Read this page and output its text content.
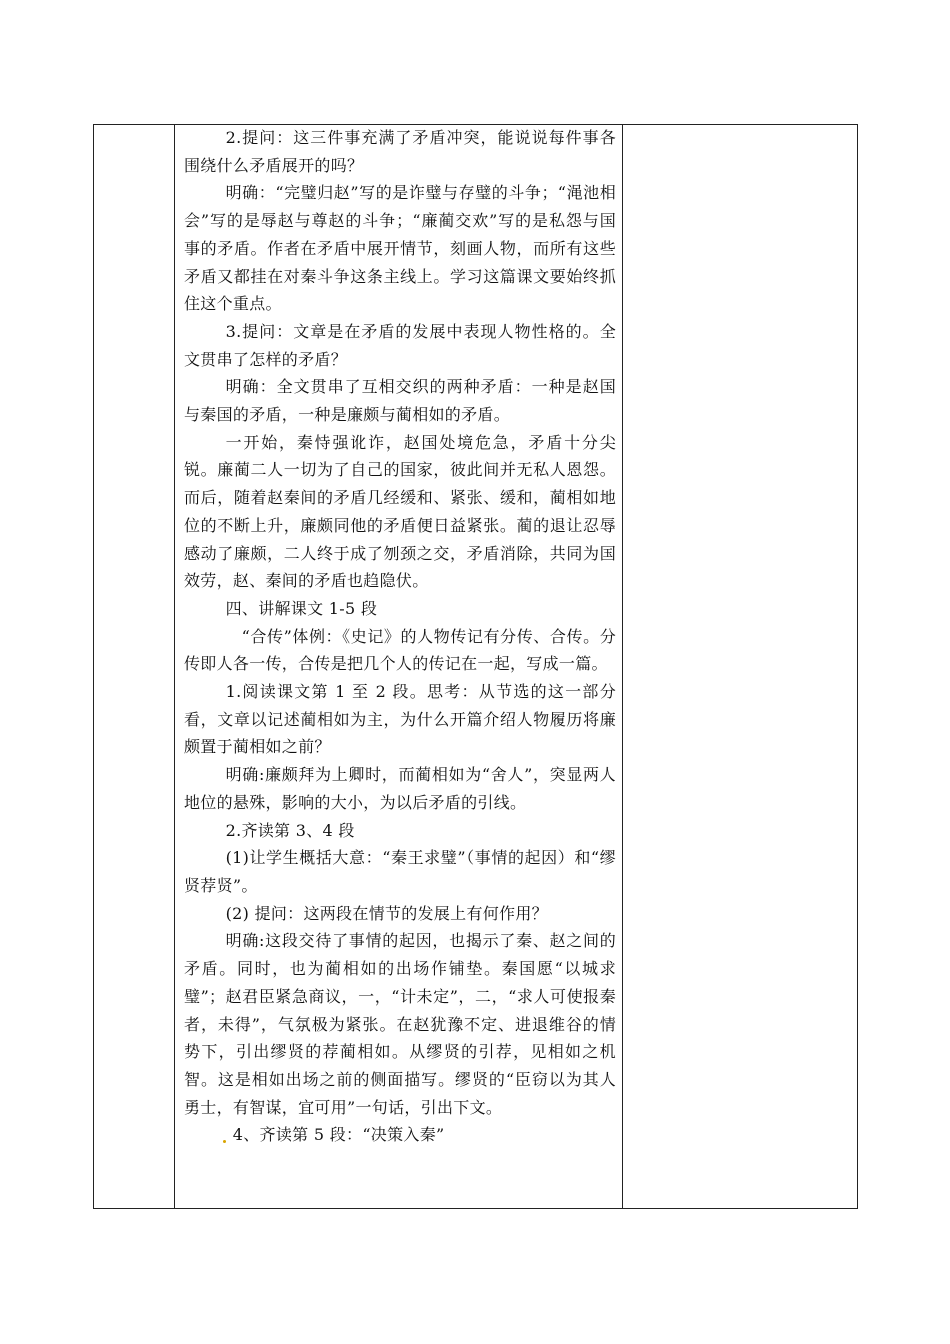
2.提问：这三件事充满了矛盾冲突，能说说每件事各围绕什么矛盾展开的吗？

明确：“完璧归赵”写的是诈璧与存璧的斗争；“渑池相会”写的是辱赵与尊赵的斗争；“廉蔺交欢”写的是私怨与国事的矛盾。作者在矛盾中展开情节，刻画人物，而所有这些矛盾又都挂在对秦斗争这条主线上。学习这篇课文要始终抓住这个重点。

3.提问：文章是在矛盾的发展中表现人物性格的。全文贯串了怎样的矛盾？

明确：全文贯串了互相交织的两种矛盾：一种是赵国与秦国的矛盾，一种是廉颇与蔺相如的矛盾。

一开始，秦恃强讹诈，赵国处境危急，矛盾十分尖锐。廉蔺二人一切为了自己的国家，彼此间并无私人恩怨。而后，随着赵秦间的矛盾几经缓和、紧张、缓和，蔺相如地位的不断上升，廉颇同他的矛盾便日益紧张。蔺的退让忍辱感动了廉颇，二人终于成了刎颈之交，矛盾消除，共同为国效劳，赵、秦间的矛盾也趋隐伏。

四、讲解课文 1-5 段

“合传”体例：《史记》的人物传记有分传、合传。分传即人各一传，合传是把几个人的传记在一起，写成一篇。

1.阅读课文第 1 至 2 段。思考：从节选的这一部分看，文章以记述蔺相如为主，为什么开篇介绍人物履历将廉颇置于蔺相如之前？

明确:廉颇拜为上卿时，而蔺相如为“舍人”，突显两人地位的悬殊，影响的大小，为以后矛盾的引线。

2.齐读第 3、4 段

(1)让学生概括大意：“秦王求璧”（事情的起因）和“缪贤荐贤”。

(2) 提问：这两段在情节的发展上有何作用？

明确:这段交待了事情的起因，也揭示了秦、赵之间的矛盾。同时，也为蔺相如的出场作铺垫。秦国愿“以城求璧”；赵君臣紧急商议，一，“计未定”，二，“求人可使报秦者，未得”，气氛极为紧张。在赵犹豫不定、进退维谷的情势下，引出缪贤的荐蔺相如。从缪贤的引荐，见相如之机智。这是相如出场之前的侧面描写。缪贤的“臣窃以为其人勇士，有智谋，宜可用”一句话，引出下文。

4、齐读第 5 段：“决策入秦”
